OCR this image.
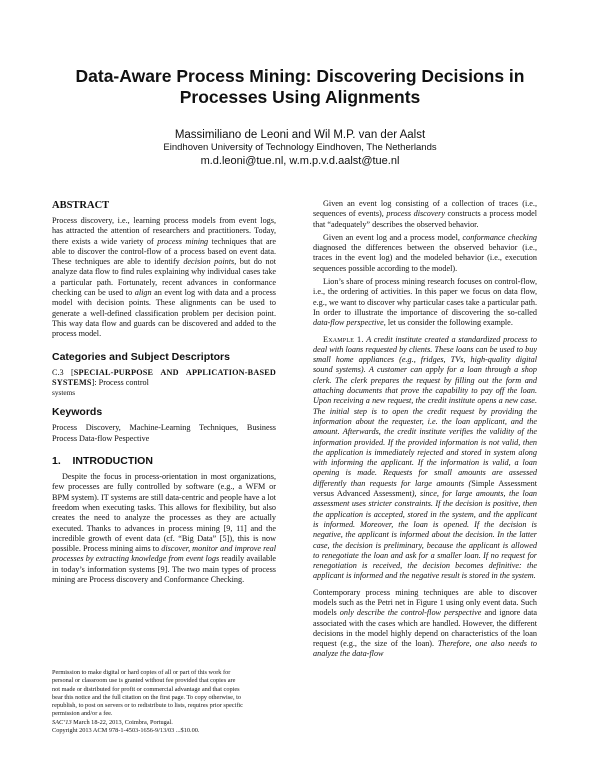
Data-Aware Process Mining: Discovering Decisions in
Processes Using Alignments
Massimiliano de Leoni and Wil M.P. van der Aalst
Eindhoven University of Technology Eindhoven, The Netherlands
m.d.leoni@tue.nl, w.m.p.v.d.aalst@tue.nl
ABSTRACT

Process discovery, i.e., learning process models from event logs, has attracted the attention of researchers and practitioners. Today, there exists a wide variety of process mining techniques that are able to discover the control-flow of a process based on event data. These techniques are able to identify decision points, but do not analyze data flow to find rules explaining why individual cases take a particular path. Fortunately, recent advances in conformance checking can be used to align an event log with data and a process model with decision points. These alignments can be used to generate a well-defined classification problem per decision point. This way data flow and guards can be discovered and added to the process model.

Categories and Subject Descriptors

C.3 [SPECIAL-PURPOSE AND APPLICATION-BASED SYSTEMS]: Process control
systems

Keywords

Process Discovery, Machine-Learning Techniques, Business Process Data-flow Pespective

1. INTRODUCTION

Despite the focus in process-orientation in most organizations, few processes are fully controlled by software (e.g., a WFM or BPM system). IT systems are still data-centric and people have a lot freedom when executing tasks. This allows for flexibility, but also creates the need to analyze the processes as they are actually executed. Thanks to advances in process mining [9, 11] and the incredible growth of event data (cf. “Big Data” [5]), this is now possible. Process mining aims to discover, monitor and improve real processes by extracting knowledge from event logs readily available in today’s information systems [9]. The two main types of process mining are Process discovery and Conformance Checking.

Given an event log consisting of a collection of traces (i.e., sequences of events), process discovery constructs a process model that “adequately” describes the observed behavior.

Given an event log and a process model, conformance checking diagnosed the differences between the observed behavior (i.e., traces in the event log) and the modeled behavior (i.e., execution sequences possible according to the model).

Lion’s share of process mining research focuses on control-flow, i.e., the ordering of activities. In this paper we focus on data flow, e.g., we want to discover why particular cases take a particular path. In order to illustrate the importance of discovering the so-called data-flow perspective, let us consider the following example.

Example 1. A credit institute created a standardized process to deal with loans requested by clients. These loans can be used to buy small home appliances (e.g., fridges, TVs, high-quality digital sound systems). A customer can apply for a loan through a shop clerk. The clerk prepares the request by filling out the form and attaching documents that prove the capability to pay off the loan. Upon receiving a new request, the credit institute opens a new case. The initial step is to open the credit request by providing the information about the requester, i.e. the loan applicant, and the amount. Afterwards, the credit institute verifies the validity of the information provided. If the provided information is not valid, then the application is immediately rejected and stored in system along with informing the applicant. If the information is valid, a loan opening is made. Requests for small amounts are assessed differently than requests for large amounts (Simple Assessment versus Advanced Assessment), since, for large amounts, the loan assessment uses stricter constraints. If the decision is positive, then the application is accepted, stored in the system, and the applicant is informed. Moreover, the loan is opened. If the decision is negative, the applicant is informed about the decision. In the latter case, the decision is preliminary, because the applicant is allowed to renegotiate the loan and ask for a smaller loan. If no request for renegotiation is received, the decision becomes definitive: the applicant is informed and the negative result is stored in the system.

Contemporary process mining techniques are able to discover models such as the Petri net in Figure 1 using only event data. Such models only describe the control-flow perspective and ignore data associated with the cases which are handled. However, the different decisions in the model highly depend on characteristics of the loan request (e.g., the size of the loan). Therefore, one also needs to analyze the data-flow

Permission to make digital or hard copies of all or part of this work for
personal or classroom use is granted without fee provided that copies are
not made or distributed for profit or commercial advantage and that copies
bear this notice and the full citation on the first page. To copy otherwise, to
republish, to post on servers or to redistribute to lists, requires prior specific
permission and/or a fee.
SAC’13 March 18-22, 2013, Coimbra, Portugal.
Copyright 2013 ACM 978-1-4503-1656-9/13/03 ...$10.00.
